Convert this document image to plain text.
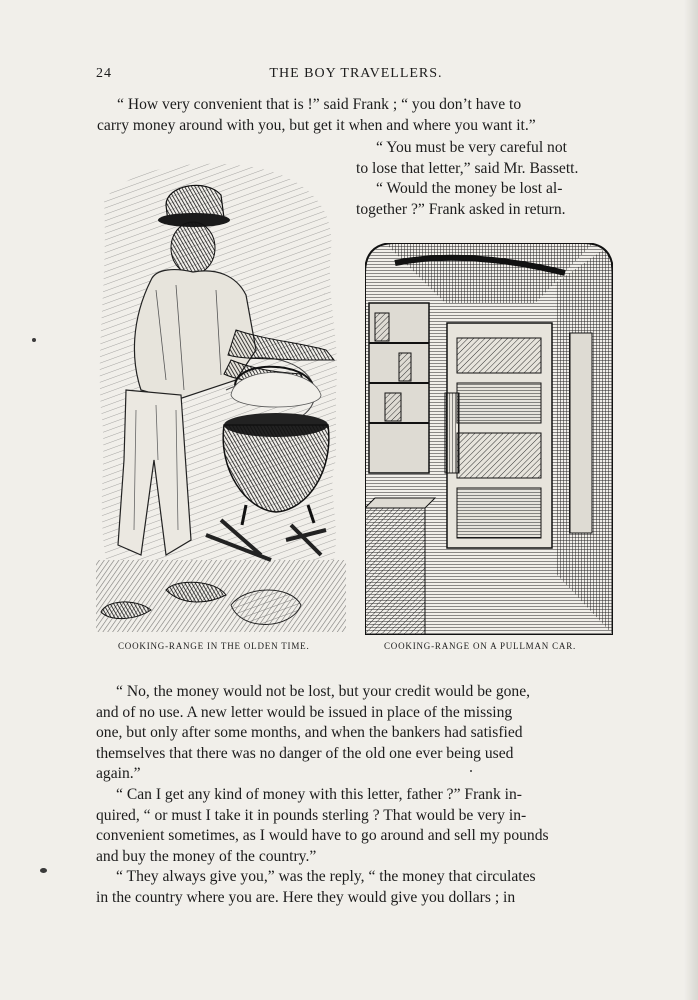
24	THE BOY TRAVELLERS.

“ How very convenient that is !” said Frank ; “ you don’t have to

carry money around with you, but get it when and where you want it.”

“ You must be very careful not

to lose that letter,” said Mr. Bassett.

“ Would the money be lost al-

together ?” Frank asked in return.

COOKING-RANGE IN THE OLDEN TIME.	COOKING-RANGE ON A PULLMAN CAR.

“ No, the money would not be lost, but your credit would be gone,

and of no use. A new letter would be issued in place of the missing

one, but only after some months, and when the bankers had satisfied

themselves that there was no danger of the old one ever being used

again.”

“ Can I get any kind of money with this letter, father ?” Frank in-

quired, “ or must I take it in pounds sterling ? That would be very in-

convenient sometimes, as I would have to go around and sell my pounds

and buy the money of the country.”

“ They always give you,” was the reply, “ the money that circulates

in the country where you are. Here they would give you dollars ; in
